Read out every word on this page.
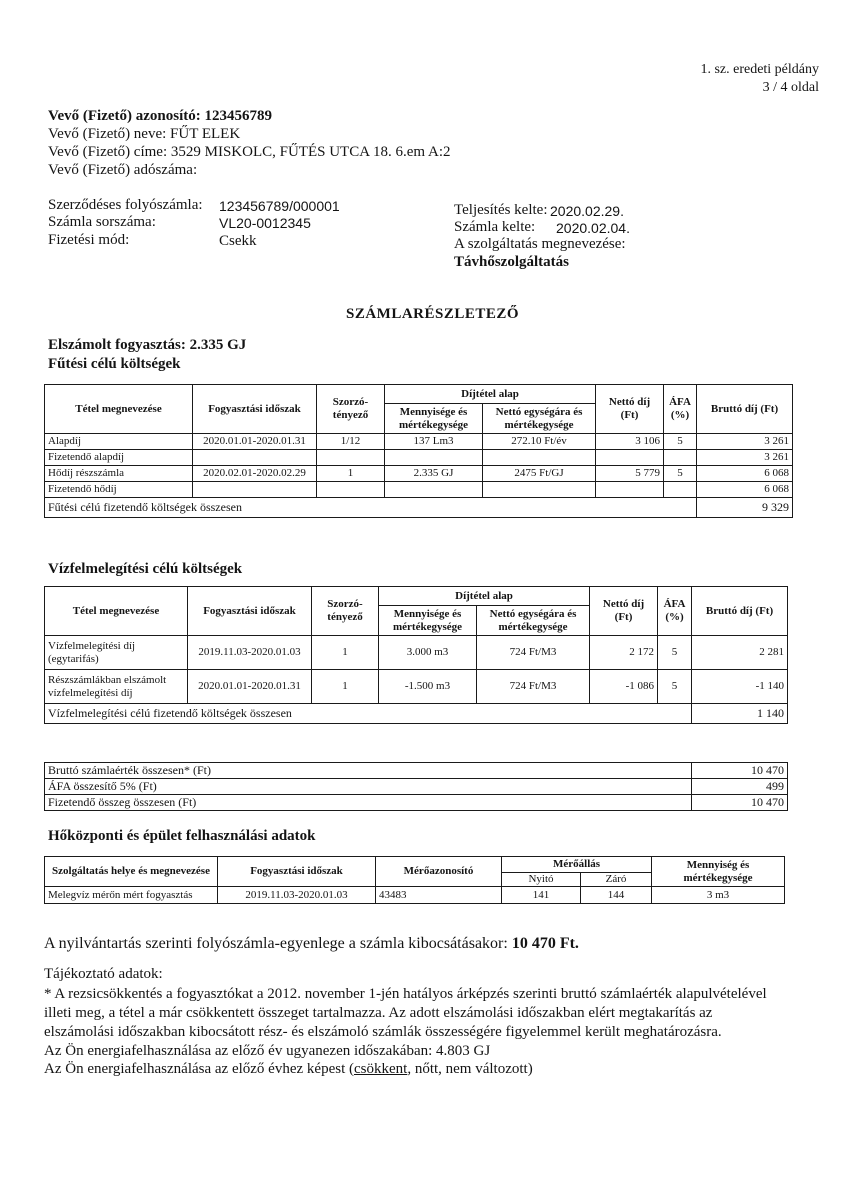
1. sz. eredeti példány
3 / 4 oldal
Vevő (Fizető) azonosító: 123456789
Vevő (Fizető) neve: FŰT ELEK
Vevő (Fizető) címe: 3529 MISKOLC, FŰTÉS UTCA 18. 6.em A:2
Vevő (Fizető) adószáma:
Szerződéses folyószámla: 123456789/000001
Számla sorszáma:	VL20-0012345
Fizetési mód:	Csekk
Teljesítés kelte: 2020.02.29.
Számla kelte: 2020.02.04.
A szolgáltatás megnevezése:
Távhőszolgáltatás
SZÁMLARÉSZLETEZŐ
Elszámolt fogyasztás: 2.335 GJ
Fűtési célú költségek
Tétel megnevezése	Fogyasztási időszak	Szorzó-tényező	Díjtétel alap		Nettó díj (Ft)	ÁFA (%)	Bruttó díj (Ft)
			Mennyisége és mértékegysége	Nettó egységára és mértékegysége			
Alapdíj	2020.01.01-2020.01.31	1/12	137 Lm3	272.10 Ft/év	3 106	5	3 261
Fizetendő alapdíj							3 261
Hődíj részszámla	2020.02.01-2020.02.29	1	2.335 GJ	2475 Ft/GJ	5 779	5	6 068
Fizetendő hődíj							6 068
Fűtési célú fizetendő költségek összesen							9 329
Vízfelmelegítési célú költségek
Tétel megnevezése	Fogyasztási időszak	Szorzó-tényező	Díjtétel alap		Nettó díj (Ft)	ÁFA (%)	Bruttó díj (Ft)
			Mennyisége és mértékegysége	Nettó egységára és mértékegysége			

Vízfelmelegítési díj
(egytarifás)	2019.11.03-2020.01.03	1	3.000 m3	724 Ft/M3	2 172	5	2 281

Részszámlákban elszámolt
vízfelmelegítési díj	2020.01.01-2020.01.31	1	-1.500 m3	724 Ft/M3	-1 086	5	-1 140
Vízfelmelegítési célú fizetendő költségek összesen							1 140
Bruttó számlaérték összesen* (Ft)	10 470
ÁFA összesítő 5% (Ft)	499
Fizetendő összeg összesen (Ft)	10 470
Hőközponti és épület felhasználási adatok
Szolgáltatás helye és megnevezése	Fogyasztási időszak	Mérőazonosító	Mérőállás		Mennyiség és mértékegysége
			Nyitó	Záró	
Melegvíz mérőn mért fogyasztás	2019.11.03-2020.01.03	43483	141	144	3 m3
A nyilvántartás szerinti folyószámla-egyenlege a számla kibocsátásakor: 10 470 Ft.
Tájékoztató adatok:
* A rezsicsökkentés a fogyasztókat a 2012. november 1-jén hatályos árképzés szerinti bruttó számlaérték alapulvételével
illeti meg, a tétel a már csökkentett összeget tartalmazza. Az adott elszámolási időszakban elért megtakarítás az
elszámolási időszakban kibocsátott rész- és elszámoló számlák összességére figyelemmel került meghatározásra.
Az Ön energiafelhasználása az előző év ugyanezen időszakában: 4.803 GJ
Az Ön energiafelhasználása az előző évhez képest (csökkent, nőtt, nem változott)
